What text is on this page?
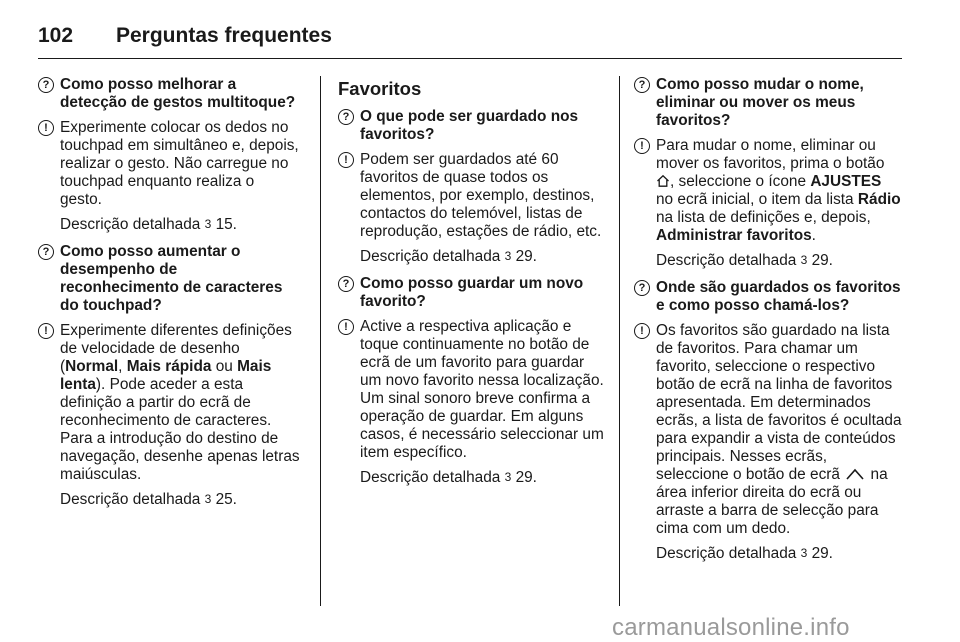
102	Perguntas frequentes
? Como posso melhorar a detecção de gestos multitoque?
! Experimente colocar os dedos no touchpad em simultâneo e, depois, realizar o gesto. Não carregue no touchpad enquanto realiza o gesto.
Descrição detalhada 3 15.
? Como posso aumentar o desempenho de reconhecimento de caracteres do touchpad?
! Experimente diferentes definições de velocidade de desenho (Normal, Mais rápida ou Mais lenta). Pode aceder a esta definição a partir do ecrã de reconhecimento de caracteres. Para a introdução do destino de navegação, desenhe apenas letras maiúsculas.
Descrição detalhada 3 25.
Favoritos
? O que pode ser guardado nos favoritos?
! Podem ser guardados até 60 favoritos de quase todos os elementos, por exemplo, destinos, contactos do telemóvel, listas de reprodução, estações de rádio, etc.
Descrição detalhada 3 29.
? Como posso guardar um novo favorito?
! Active a respectiva aplicação e toque continuamente no botão de ecrã de um favorito para guardar um novo favorito nessa localização. Um sinal sonoro breve confirma a operação de guardar. Em alguns casos, é necessário seleccionar um item específico.
Descrição detalhada 3 29.
? Como posso mudar o nome, eliminar ou mover os meus favoritos?
! Para mudar o nome, eliminar ou mover os favoritos, prima o botão , seleccione o ícone AJUSTES no ecrã inicial, o item da lista Rádio na lista de definições e, depois, Administrar favoritos.
Descrição detalhada 3 29.
? Onde são guardados os favoritos e como posso chamá-los?
! Os favoritos são guardado na lista de favoritos. Para chamar um favorito, seleccione o respectivo botão de ecrã na linha de favoritos apresentada. Em determinados ecrãs, a lista de favoritos é ocultada para expandir a vista de conteúdos principais. Nesses ecrãs, seleccione o botão de ecrã  na área inferior direita do ecrã ou arraste a barra de selecção para cima com um dedo.
Descrição detalhada 3 29.
carmanualsonline.info
